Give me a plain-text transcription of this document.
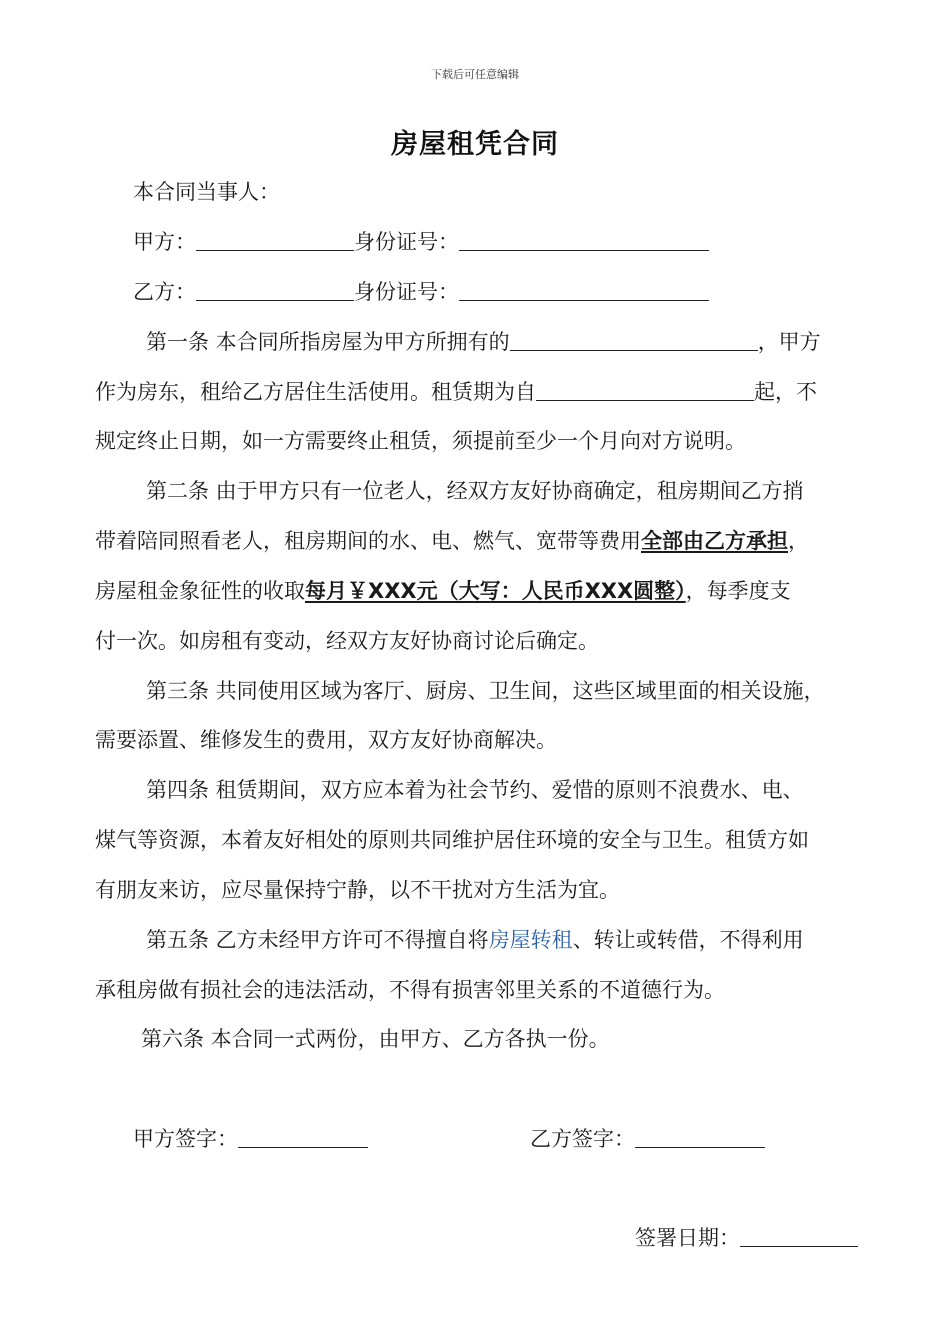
下载后可任意编辑
房屋租凭合同
本合同当事人：
甲方：	身份证号：
乙方：	身份证号：
第一条 本合同所指房屋为甲方所拥有的	，甲方
作为房东，租给乙方居住生活使用。租赁期为自	起，不
规定终止日期，如一方需要终止租赁，须提前至少一个月向对方说明。
第二条 由于甲方只有一位老人，经双方友好协商确定，租房期间乙方捎
带着陪同照看老人，租房期间的水、电、燃气、宽带等费用全部由乙方承担，
房屋租金象征性的收取每月￥XXX元（大写：人民币XXX圆整），每季度支
付一次。如房租有变动，经双方友好协商讨论后确定。
第三条 共同使用区域为客厅、厨房、卫生间，这些区域里面的相关设施，
需要添置、维修发生的费用，双方友好协商解决。
第四条 租赁期间，双方应本着为社会节约、爱惜的原则不浪费水、电、
煤气等资源，本着友好相处的原则共同维护居住环境的安全与卫生。租赁方如
有朋友来访，应尽量保持宁静，以不干扰对方生活为宜。
第五条 乙方未经甲方许可不得擅自将房屋转租、转让或转借，不得利用
承租房做有损社会的违法活动，不得有损害邻里关系的不道德行为。
第六条 本合同一式两份，由甲方、乙方各执一份。
甲方签字：	乙方签字：
签署日期：
